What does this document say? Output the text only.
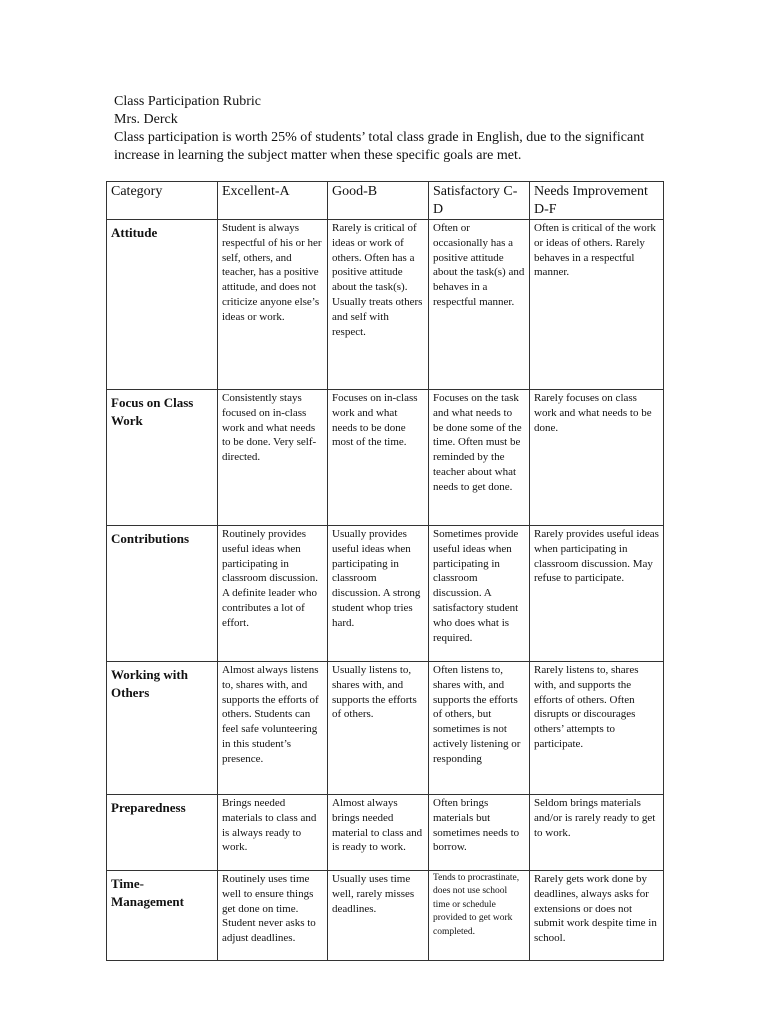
Class Participation Rubric
Mrs. Derck
Class participation is worth 25% of students’ total class grade in English, due to the significant increase in learning the subject matter when these specific goals are met.
Category	Excellent-A	Good-B	Satisfactory C-D	Needs Improvement D-F
Attitude	Student is always respectful of his or her self, others, and teacher, has a positive attitude, and does not criticize anyone else’s ideas or work.	Rarely is critical of ideas or work of others. Often has a positive attitude about the task(s). Usually treats others and self with respect.	Often or occasionally has a positive attitude about the task(s) and behaves in a respectful manner.	Often is critical of the work or ideas of others. Rarely behaves in a respectful manner.
Focus on Class Work	Consistently stays focused on in-class work and what needs to be done. Very self-directed.	Focuses on in-class work and what needs to be done most of the time.	Focuses on the task and what needs to be done some of the time. Often must be reminded by the teacher about what needs to get done.	Rarely focuses on class work and what needs to be done.
Contributions	Routinely provides useful ideas when participating in classroom discussion. A definite leader who contributes a lot of effort.	Usually provides useful ideas when participating in classroom discussion. A strong student whop tries hard.	Sometimes provide useful ideas when participating in classroom discussion. A satisfactory student who does what is required.	Rarely provides useful ideas when participating in classroom discussion. May refuse to participate.
Working with Others	Almost always listens to, shares with, and supports the efforts of others. Students can feel safe volunteering in this student’s presence.	Usually listens to, shares with, and supports the efforts of others.	Often listens to, shares with, and supports the efforts of others, but sometimes is not actively listening or responding	Rarely listens to, shares with, and supports the efforts of others. Often disrupts or discourages others’ attempts to participate.
Preparedness	Brings needed materials to class and is always ready to work.	Almost always brings needed material to class and is ready to work.	Often brings materials but sometimes needs to borrow.	Seldom brings materials and/or is rarely ready to get to work.
Time-Management	Routinely uses time well to ensure things get done on time. Student never asks to adjust deadlines.	Usually uses time well, rarely misses deadlines.	Tends to procrastinate, does not use school time or schedule provided to get work completed.	Rarely gets work done by deadlines, always asks for extensions or does not submit work despite time in school.
